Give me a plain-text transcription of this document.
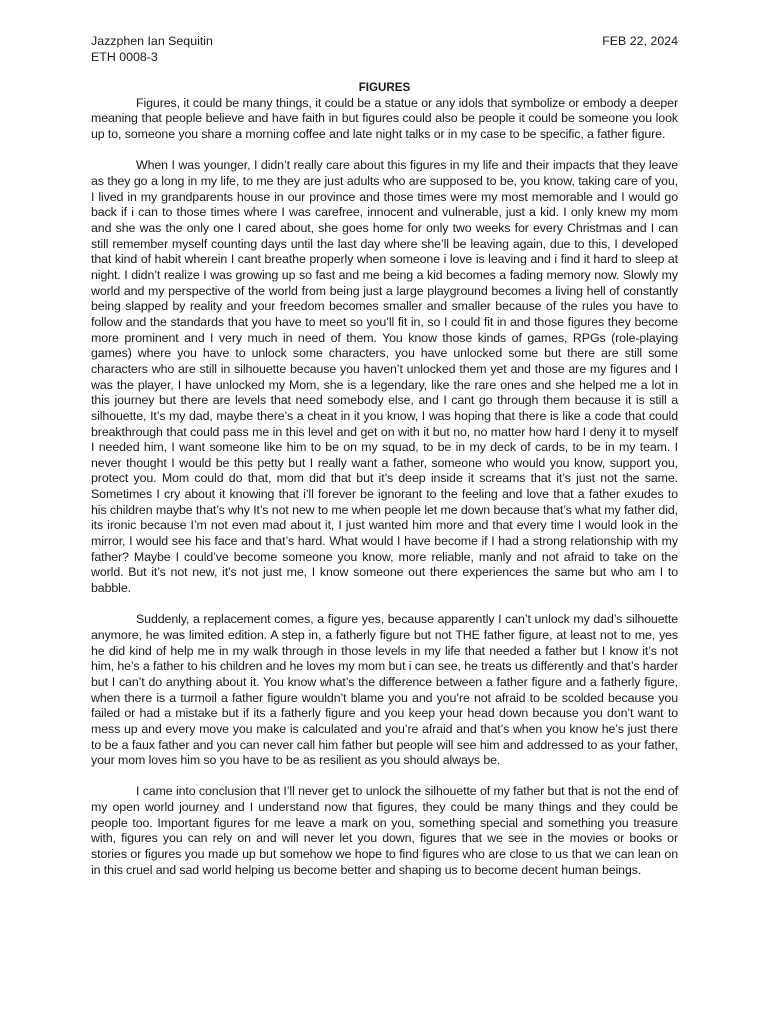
Jazzphen Ian Sequitin
ETH 0008-3
FEB 22, 2024
FIGURES

Figures, it could be many things, it could be a statue or any idols that symbolize or embody a deeper meaning that people believe and have faith in but figures could also be people it could be someone you look up to, someone you share a morning coffee and late night talks or in my case to be specific, a father figure.

When I was younger, I didn’t really care about this figures in my life and their impacts that they leave as they go a long in my life, to me they are just adults who are supposed to be, you know, taking care of you, I lived in my grandparents house in our province and those times were my most memorable and I would go back if i can to those times where I was carefree, innocent and vulnerable, just a kid. I only knew my mom and she was the only one I cared about, she goes home for only two weeks for every Christmas and I can still remember myself counting days until the last day where she’ll be leaving again, due to this, I developed that kind of habit wherein I cant breathe properly when someone i love is leaving and i find it hard to sleep at night. I didn’t realize I was growing up so fast and me being a kid becomes a fading memory now. Slowly my world and my perspective of the world from being just a large playground becomes a living hell of constantly being slapped by reality and your freedom becomes smaller and smaller because of the rules you have to follow and the standards that you have to meet so you’ll fit in, so I could fit in and those figures they become more prominent and I very much in need of them. You know those kinds of games, RPGs (role-playing games) where you have to unlock some characters, you have unlocked some but there are still some characters who are still in silhouette because you haven’t unlocked them yet and those are my figures and I was the player, I have unlocked my Mom, she is a legendary, like the rare ones and she helped me a lot in this journey but there are levels that need somebody else, and I cant go through them because it is still a silhouette, It’s my dad, maybe there’s a cheat in it you know, I was hoping that there is like a code that could breakthrough that could pass me in this level and get on with it but no, no matter how hard I deny it to myself I needed him, I want someone like him to be on my squad, to be in my deck of cards, to be in my team. I never thought I would be this petty but I really want a father, someone who would you know, support you, protect you. Mom could do that, mom did that but it’s deep inside it screams that it’s just not the same. Sometimes I cry about it knowing that i’ll forever be ignorant to the feeling and love that a father exudes to his children maybe that’s why It’s not new to me when people let me down because that’s what my father did, its ironic because I’m not even mad about it, I just wanted him more and that every time I would look in the mirror, I would see his face and that’s hard. What would I have become if I had a strong relationship with my father? Maybe I could’ve become someone you know, more reliable, manly and not afraid to take on the world. But it’s not new, it’s not just me, I know someone out there experiences the same but who am I to babble.

Suddenly, a replacement comes, a figure yes, because apparently I can’t unlock my dad’s silhouette anymore, he was limited edition. A step in, a fatherly figure but not THE father figure, at least not to me, yes he did kind of help me in my walk through in those levels in my life that needed a father but I know it’s not him, he’s a father to his children and he loves my mom but i can see, he treats us differently and that’s harder but I can’t do anything about it. You know what’s the difference between a father figure and a fatherly figure, when there is a turmoil a father figure wouldn’t blame you and you’re not afraid to be scolded because you failed or had a mistake but if its a fatherly figure and you keep your head down because you don’t want to mess up and every move you make is calculated and you’re afraid and that’s when you know he’s just there to be a faux father and you can never call him father but people will see him and addressed to as your father, your mom loves him so you have to be as resilient as you should always be.

I came into conclusion that I’ll never get to unlock the silhouette of my father but that is not the end of my open world journey and I understand now that figures, they could be many things and they could be people too. Important figures for me leave a mark on you, something special and something you treasure with, figures you can rely on and will never let you down, figures that we see in the movies or books or stories or figures you made up but somehow we hope to find figures who are close to us that we can lean on in this cruel and sad world helping us become better and shaping us to become decent human beings.
